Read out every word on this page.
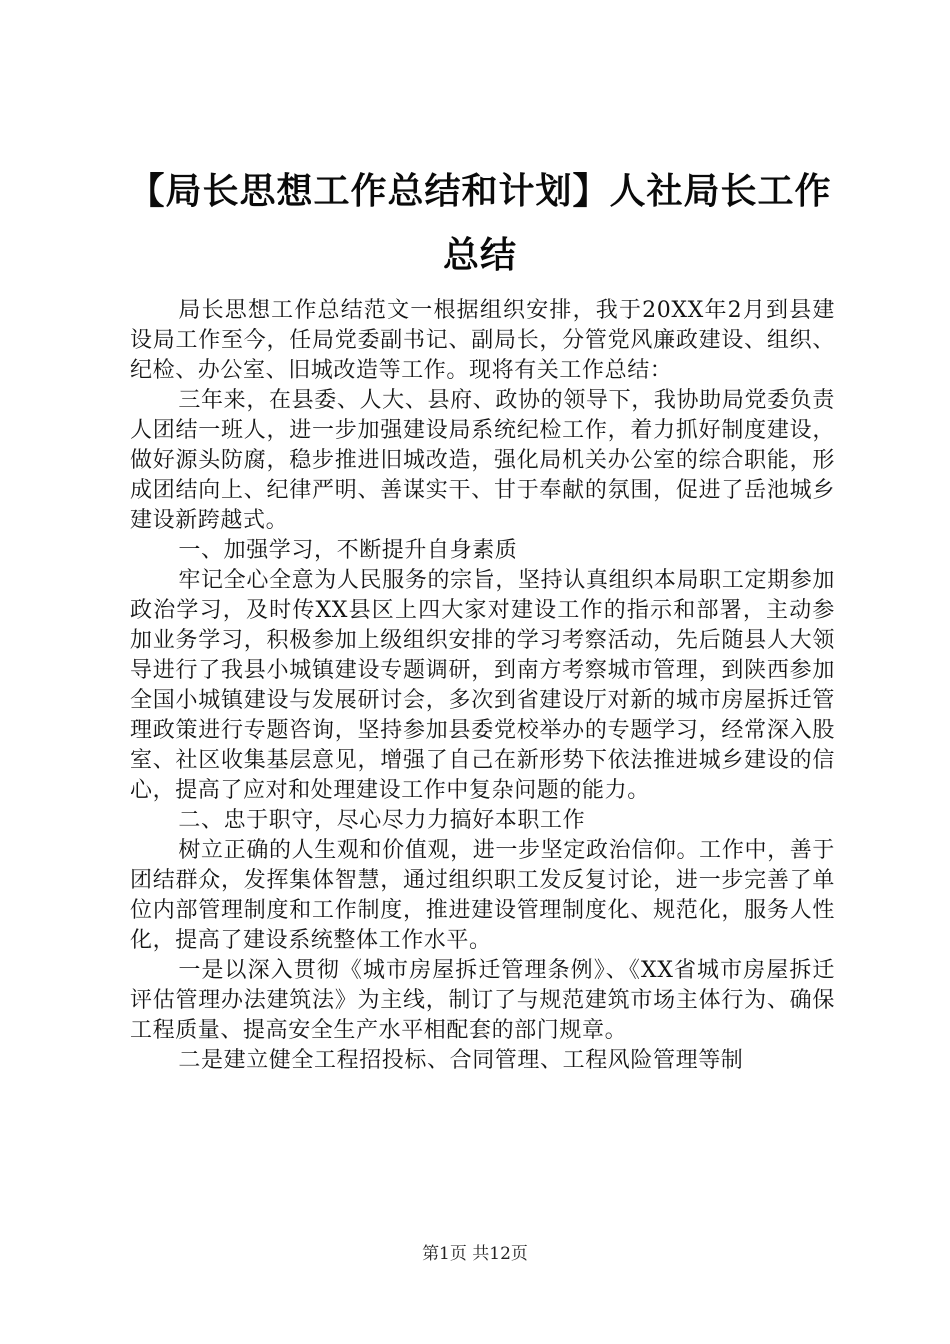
【局长思想工作总结和计划】人社局长工作总结

局长思想工作总结范文一根据组织安排，我于20XX年2月到县建设局工作至今，任局党委副书记、副局长，分管党风廉政建设、组织、纪检、办公室、旧城改造等工作。现将有关工作总结：

三年来，在县委、人大、县府、政协的领导下，我协助局党委负责人团结一班人，进一步加强建设局系统纪检工作，着力抓好制度建设，做好源头防腐，稳步推进旧城改造，强化局机关办公室的综合职能，形成团结向上、纪律严明、善谋实干、甘于奉献的氛围，促进了岳池城乡建设新跨越式。

一、加强学习，不断提升自身素质

牢记全心全意为人民服务的宗旨，坚持认真组织本局职工定期参加政治学习，及时传XX县区上四大家对建设工作的指示和部署，主动参加业务学习，积极参加上级组织安排的学习考察活动，先后随县人大领导进行了我县小城镇建设专题调研，到南方考察城市管理，到陕西参加全国小城镇建设与发展研讨会，多次到省建设厅对新的城市房屋拆迁管理政策进行专题咨询，坚持参加县委党校举办的专题学习，经常深入股室、社区收集基层意见，增强了自己在新形势下依法推进城乡建设的信心，提高了应对和处理建设工作中复杂问题的能力。

二、忠于职守，尽心尽力力搞好本职工作

树立正确的人生观和价值观，进一步坚定政治信仰。工作中，善于团结群众，发挥集体智慧，通过组织职工发反复讨论，进一步完善了单位内部管理制度和工作制度，推进建设管理制度化、规范化，服务人性化，提高了建设系统整体工作水平。

一是以深入贯彻《城市房屋拆迁管理条例》、《XX省城市房屋拆迁评估管理办法建筑法》为主线，制订了与规范建筑市场主体行为、确保工程质量、提高安全生产水平相配套的部门规章。

二是建立健全工程招投标、合同管理、工程风险管理等制

第1页 共12页
